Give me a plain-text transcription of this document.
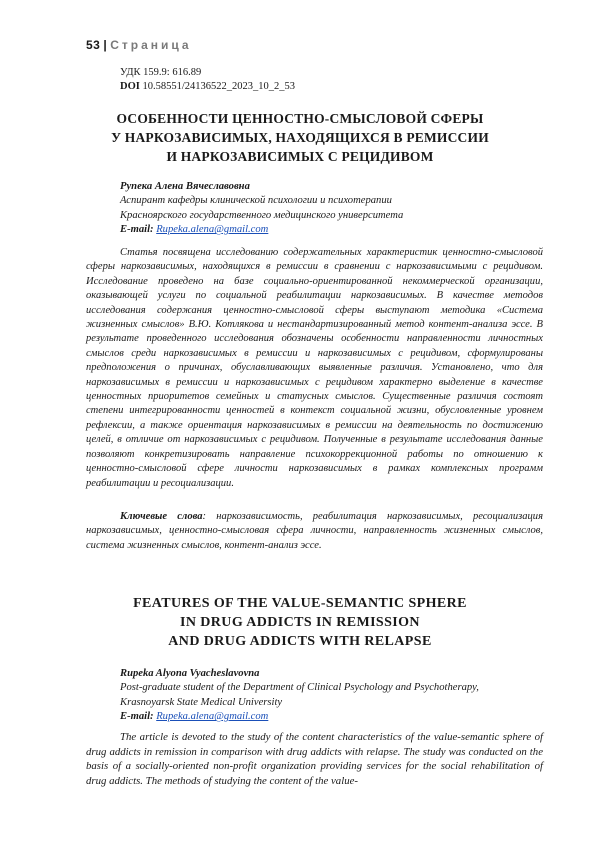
53 | Страница
УДК 159.9: 616.89
DOI 10.58551/24136522_2023_10_2_53
ОСОБЕННОСТИ ЦЕННОСТНО-СМЫСЛОВОЙ СФЕРЫ
У НАРКОЗАВИСИМЫХ, НАХОДЯЩИХСЯ В РЕМИССИИ
И НАРКОЗАВИСИМЫХ С РЕЦИДИВОМ
Рупека Алена Вячеславовна
Аспирант кафедры клинической психологии и психотерапии
Красноярского государственного медицинского университета
E-mail: Rupeka.alena@gmail.com

Статья посвящена исследованию содержательных характеристик ценностно-смысловой сферы наркозависимых, находящихся в ремиссии в сравнении с наркозависимыми с рецидивом. Исследование проведено на базе социально-ориентированной некоммерческой организации, оказывающей услуги по социальной реабилитации наркозависимых. В качестве методов исследования содержания ценностно-смысловой сферы выступают методика «Система жизненных смыслов» В.Ю. Котлякова и нестандартизированный метод контент-анализа эссе. В результате проведенного исследования обозначены особенности направленности личностных смыслов среди наркозависимых в ремиссии и наркозависимых с рецидивом, сформулированы предположения о причинах, обуславливающих выявленные различия. Установлено, что для наркозависимых в ремиссии и наркозависимых с рецидивом характерно выделение в качестве ценностных приоритетов семейных и статусных смыслов. Существенные различия состоят степени интегрированности ценностей в контекст социальной жизни, обусловленные уровнем рефлексии, а также ориентация наркозависимых в ремиссии на деятельность по достижению целей, в отличие от наркозависимых с рецидивом. Полученные в результате исследования данные позволяют конкретизировать направление психокоррекционной работы по отношению к ценностно-смысловой сфере личности наркозависимых в рамках комплексных программ реабилитации и ресоциализации.

Ключевые слова: наркозависимость, реабилитация наркозависимых, ресоциализация наркозависимых, ценностно-смысловая сфера личности, направленность жизненных смыслов, система жизненных смыслов, контент-анализ эссе.

FEATURES OF THE VALUE-SEMANTIC SPHERE
IN DRUG ADDICTS IN REMISSION
AND DRUG ADDICTS WITH RELAPSE
Rupeka Alyona Vyacheslavovna
Post-graduate student of the Department of Clinical Psychology and Psychotherapy,
Krasnoyarsk State Medical University
E-mail: Rupeka.alena@gmail.com

The article is devoted to the study of the content characteristics of the value-semantic sphere of drug addicts in remission in comparison with drug addicts with relapse. The study was conducted on the basis of a socially-oriented non-profit organization providing services for the social rehabilitation of drug addicts. The methods of studying the content of the value-
